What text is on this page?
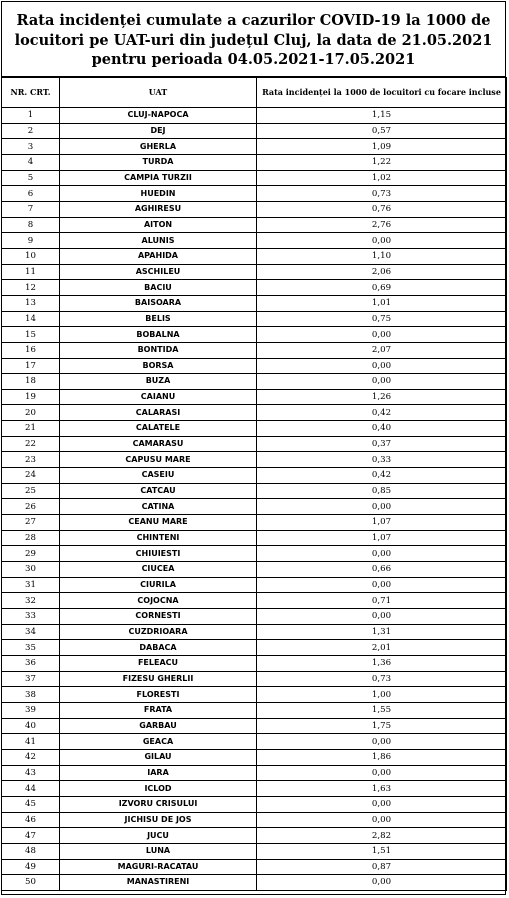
Rata incidenței cumulate a cazurilor COVID-19 la 1000 de
locuitori pe UAT-uri din județul Cluj, la data de 21.05.2021
pentru perioada 04.05.2021-17.05.2021
NR. CRT.	UAT	Rata incidenței la 1000 de locuitori cu focare incluse
1	CLUJ-NAPOCA	1,15
2	DEJ	0,57
3	GHERLA	1,09
4	TURDA	1,22
5	CAMPIA TURZII	1,02
6	HUEDIN	0,73
7	AGHIRESU	0,76
8	AITON	2,76
9	ALUNIS	0,00
10	APAHIDA	1,10
11	ASCHILEU	2,06
12	BACIU	0,69
13	BAISOARA	1,01
14	BELIS	0,75
15	BOBALNA	0,00
16	BONTIDA	2,07
17	BORSA	0,00
18	BUZA	0,00
19	CAIANU	1,26
20	CALARASI	0,42
21	CALATELE	0,40
22	CAMARASU	0,37
23	CAPUSU MARE	0,33
24	CASEIU	0,42
25	CATCAU	0,85
26	CATINA	0,00
27	CEANU MARE	1,07
28	CHINTENI	1,07
29	CHIUIESTI	0,00
30	CIUCEA	0,66
31	CIURILA	0,00
32	COJOCNA	0,71
33	CORNESTI	0,00
34	CUZDRIOARA	1,31
35	DABACA	2,01
36	FELEACU	1,36
37	FIZESU GHERLII	0,73
38	FLORESTI	1,00
39	FRATA	1,55
40	GARBAU	1,75
41	GEACA	0,00
42	GILAU	1,86
43	IARA	0,00
44	ICLOD	1,63
45	IZVORU CRISULUI	0,00
46	JICHISU DE JOS	0,00
47	JUCU	2,82
48	LUNA	1,51
49	MAGURI-RACATAU	0,87
50	MANASTIRENI	0,00
